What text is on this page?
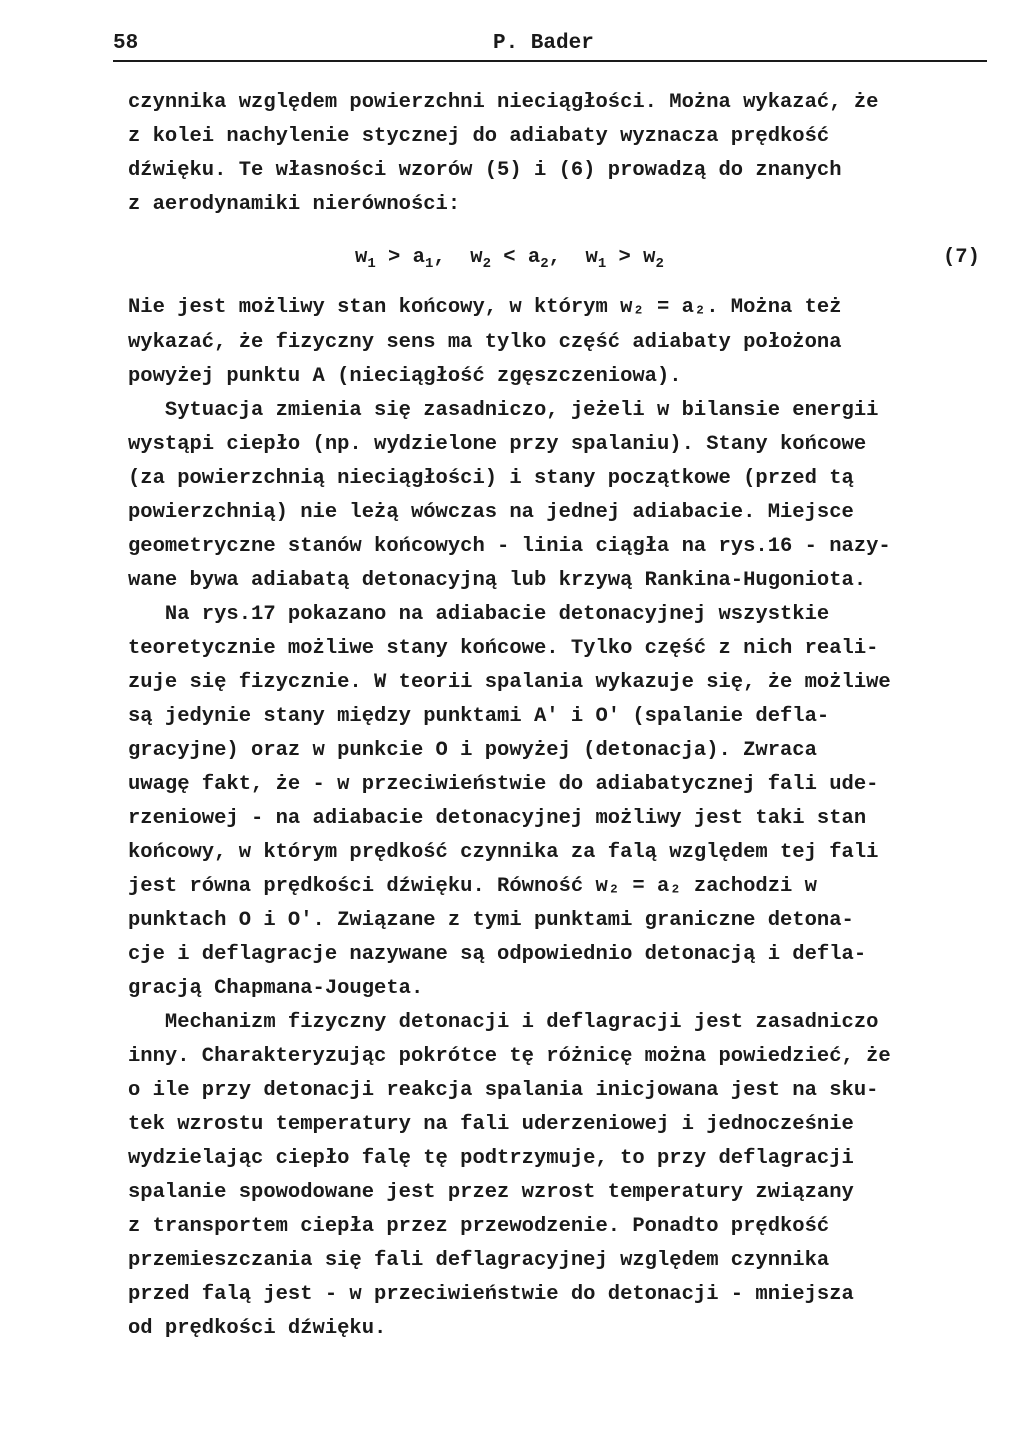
58	P. Bader
czynnika względem powierzchni nieciągłości. Można wykazać, że
z kolei nachylenie stycznej do adiabaty wyznacza prędkość
dźwięku. Te własności wzorów (5) i (6) prowadzą do znanych
z aerodynamiki nierówności:
$w_1 > a_1$,  $w_2 < a_2$,  $w_1 > w_2$	(7)
Nie jest możliwy stan końcowy, w którym w₂ = a₂. Można też
wykazać, że fizyczny sens ma tylko część adiabaty położona
powyżej punktu A (nieciągłość zgęszczeniowa).
Sytuacja zmienia się zasadniczo, jeżeli w bilansie energii
wystąpi ciepło (np. wydzielone przy spalaniu). Stany końcowe
(za powierzchnią nieciągłości) i stany początkowe (przed tą
powierzchnią) nie leżą wówczas na jednej adiabacie. Miejsce
geometryczne stanów końcowych - linia ciągła na rys.16 - nazy-
wane bywa adiabatą detonacyjną lub krzywą Rankina-Hugoniota.
Na rys.17 pokazano na adiabacie detonacyjnej wszystkie
teoretycznie możliwe stany końcowe. Tylko część z nich reali-
zuje się fizycznie. W teorii spalania wykazuje się, że możliwe
są jedynie stany między punktami A' i O' (spalanie defla-
gracyjne) oraz w punkcie O i powyżej (detonacja). Zwraca
uwagę fakt, że - w przeciwieństwie do adiabatycznej fali ude-
rzeniowej - na adiabacie detonacyjnej możliwy jest taki stan
końcowy, w którym prędkość czynnika za falą względem tej fali
jest równa prędkości dźwięku. Równość w₂ = a₂ zachodzi w
punktach O i O'. Związane z tymi punktami graniczne detona-
cje i deflagracje nazywane są odpowiednio detonacją i defla-
gracją Chapmana-Jougeta.
Mechanizm fizyczny detonacji i deflagracji jest zasadniczo
inny. Charakteryzując pokrótce tę różnicę można powiedzieć, że
o ile przy detonacji reakcja spalania inicjowana jest na sku-
tek wzrostu temperatury na fali uderzeniowej i jednocześnie
wydzielając ciepło falę tę podtrzymuje, to przy deflagracji
spalanie spowodowane jest przez wzrost temperatury związany
z transportem ciepła przez przewodzenie. Ponadto prędkość
przemieszczania się fali deflagracyjnej względem czynnika
przed falą jest - w przeciwieństwie do detonacji - mniejsza
od prędkości dźwięku.
